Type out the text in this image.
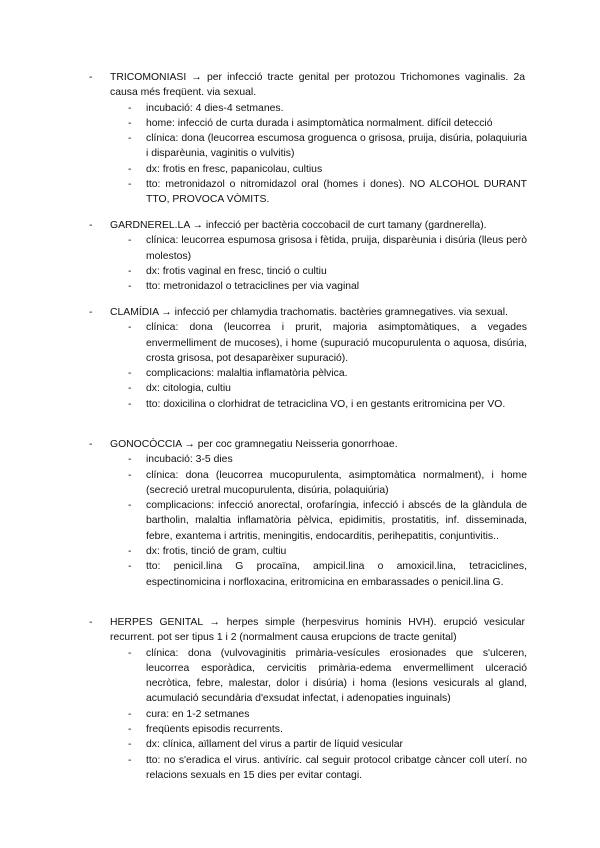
- TRICOMONIASI → per infecció tracte genital per protozou Trichomones vaginalis. 2a causa més freqüent. via sexual.
- incubació: 4 dies-4 setmanes.
- home: infecció de curta durada i asimptomàtica normalment. difícil detecció
- clínica: dona (leucorrea escumosa groguenca o grisosa, pruija, disúria, polaquiuria i disparèunia, vaginitis o vulvitis)
- dx: frotis en fresc, papanicolau, cultius
- tto: metronidazol o nitromidazol oral (homes i dones). NO ALCOHOL DURANT TTO, PROVOCA VÒMITS.
- GARDNEREL.LA → infecció per bactèria coccobacil de curt tamany (gardnerella).
- clínica: leucorrea espumosa grisosa i fètida, pruija, disparèunia i disúria (lleus però molestos)
- dx: frotis vaginal en fresc, tinció o cultiu
- tto: metronidazol o tetraciclines per via vaginal
- CLAMÍDIA → infecció per chlamydia trachomatis. bactèries gramnegatives. via sexual.
- clínica: dona (leucorrea i prurit, majoria asimptomàtiques, a vegades envermelliment de mucoses), i home (supuració mucopurulenta o aquosa, disúria, crosta grisosa, pot desaparèixer supuració).
- complicacions: malaltia inflamatòria pèlvica.
- dx: citologia, cultiu
- tto: doxicilina o clorhidrat de tetraciclina VO, i en gestants eritromicina per VO.
- GONOCÒCCIA → per coc gramnegatiu Neisseria gonorrhoae.
- incubació: 3-5 dies
- clínica: dona (leucorrea mucopurulenta, asimptomàtica normalment), i home (secreció uretral mucopurulenta, disúria, polaquiúria)
- complicacions: infecció anorectal, orofaríngia, infecció i abscés de la glàndula de bartholin, malaltia inflamatòria pèlvica, epidimitis, prostatitis, inf. disseminada, febre, exantema i artritis, meningitis, endocarditis, perihepatitis, conjuntivitis..
- dx: frotis, tinció de gram, cultiu
- tto: penicil.lina G procaïna, ampicil.lina o amoxicil.lina, tetraciclines, espectinomicina i norfloxacina, eritromicina en embarassades o penicil.lina G.
- HERPES GENITAL → herpes simple (herpesvirus hominis HVH). erupció vesicular recurrent. pot ser tipus 1 i 2 (normalment causa erupcions de tracte genital)
- clínica: dona (vulvovaginitis primària-vesícules erosionades que s'ulceren, leucorrea esporàdica, cervicitis primària-edema envermelliment ulceració necròtica, febre, malestar, dolor i disúria) i homa (lesions vesicurals al gland, acumulació secundària d'exsudat infectat, i adenopaties inguinals)
- cura: en 1-2 setmanes
- freqüents episodis recurrents.
- dx: clínica, aïllament del virus a partir de líquid vesicular
- tto: no s'eradica el virus. antivíric. cal seguir protocol cribatge càncer coll uterí. no relacions sexuals en 15 dies per evitar contagi.
